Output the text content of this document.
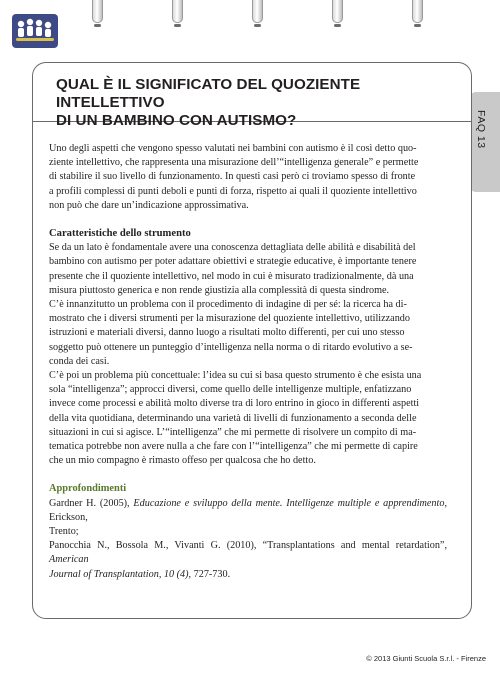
FAQ 13
QUAL È IL SIGNIFICATO DEL QUOZIENTE INTELLETTIVO
DI UN BAMBINO CON AUTISMO?
Uno degli aspetti che vengono spesso valutati nei bambini con autismo è il così detto quo-
ziente intellettivo, che rappresenta una misurazione dell’“intelligenza generale” e permette
di stabilire il suo livello di funzionamento. In questi casi però ci troviamo spesso di fronte
a profili complessi di punti deboli e punti di forza, rispetto ai quali il quoziente intellettivo
non può che dare un’indicazione approssimativa.
Caratteristiche dello strumento
Se da un lato è fondamentale avere una conoscenza dettagliata delle abilità e disabilità del
bambino con autismo per poter adattare obiettivi e strategie educative, è importante tenere
presente che il quoziente intellettivo, nel modo in cui è misurato tradizionalmente, dà una
misura piuttosto generica e non rende giustizia alla complessità di questa sindrome.
C’è innanzitutto un problema con il procedimento di indagine di per sé: la ricerca ha di-
mostrato che i diversi strumenti per la misurazione del quoziente intellettivo, utilizzando
istruzioni e materiali diversi, danno luogo a risultati molto differenti, per cui uno stesso
soggetto può ottenere un punteggio d’intelligenza nella norma o di ritardo evolutivo a se-
conda dei casi.
C’è poi un problema più concettuale: l’idea su cui si basa questo strumento è che esista una
sola “intelligenza”; approcci diversi, come quello delle intelligenze multiple, enfatizzano
invece come processi e abilità molto diverse tra di loro entrino in gioco in differenti aspetti
della vita quotidiana, determinando una varietà di livelli di funzionamento a seconda delle
situazioni in cui si agisce. L’“intelligenza” che mi permette di risolvere un compito di ma-
tematica potrebbe non avere nulla a che fare con l’“intelligenza” che mi permette di capire
che un mio compagno è rimasto offeso per qualcosa che ho detto.
Approfondimenti
Gardner H. (2005), Educazione e sviluppo della mente. Intelligenze multiple e apprendimento, Erickson,
Trento;
Panocchia N., Bossola M., Vivanti G. (2010), “Transplantations and mental retardation”, American
Journal of Transplantation, 10 (4), 727-730.
© 2013 Giunti Scuola S.r.l. - Firenze
